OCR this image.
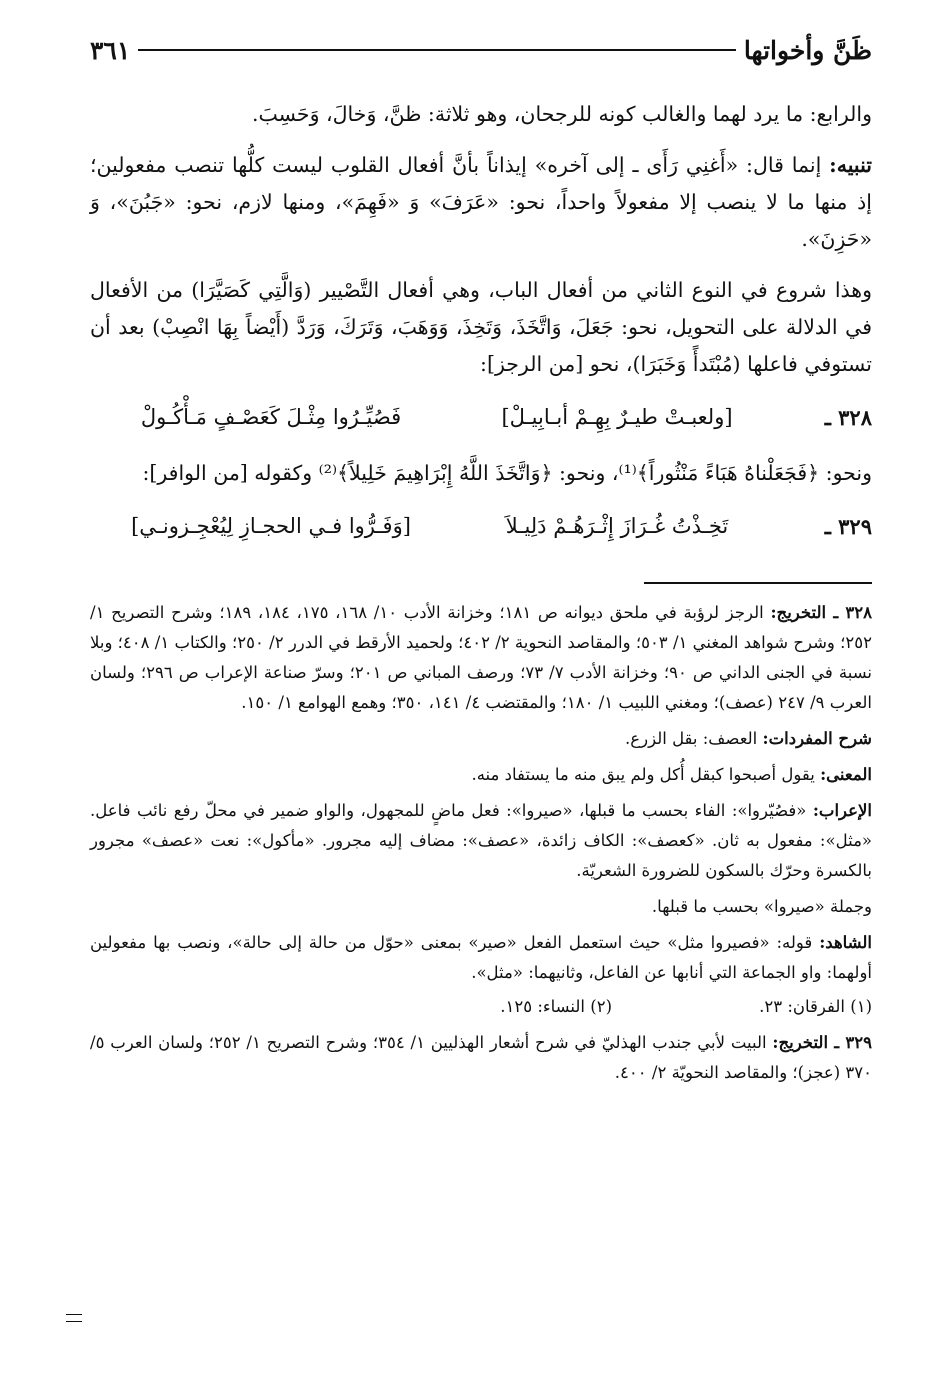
ظَنَّ وأخواتها
٣٦١

والرابع: ما يرد لهما والغالب كونه للرجحان، وهو ثلاثة: ظنَّ، وَخالَ، وَحَسِبَ.

تنبيه: إنما قال: «أَغنِي رَأَى ـ إلى آخره» إيذاناً بأنَّ أفعال القلوب ليست كلُّها تنصب مفعولين؛ إذ منها ما لا ينصب إلا مفعولاً واحداً، نحو: «عَرَفَ» وَ «فَهِمَ»، ومنها لازم، نحو: «جَبُنَ»، وَ «حَزِنَ».

وهذا شروع في النوع الثاني من أفعال الباب، وهي أفعال التَّصْيير (وَالَّتِي كَصَيَّرَا) من الأفعال في الدلالة على التحويل، نحو: جَعَلَ، وَاتَّخَذَ، وَتَخِذَ، وَوَهَبَ، وَتَرَكَ، وَرَدَّ (أَيْضاً بِهَا انْصِبْ) بعد أن تستوفي فاعلها (مُبْتَدأً وَخَبَرَا)، نحو [من الرجز]:

٣٢٨ ـ
[ولعبـتْ طيـرٌ بِهِـمْ أبـابِيـلْ]
فَصُيِّـرُوا مِثْـلَ كَعَصْـفٍ مَـأْكُـولْ

ونحو: ﴿فَجَعَلْناهُ هَبَاءً مَنْثُوراً﴾⁽¹⁾، ونحو: ﴿وَاتَّخَذَ اللَّهُ إِبْرَاهِيمَ خَلِيلاً﴾⁽²⁾ وكقوله [من الوافر]:

٣٢٩ ـ
تَخِـذْتُ غُـرَازَ إِثْـرَهُـمْ دَلِيـلاَ
[وَفَـرُّوا فـي الحجـازِ لِيُعْجِـزونـي]

٣٢٨ ـ التخريج: الرجز لرؤبة في ملحق ديوانه ص ١٨١؛ وخزانة الأدب ١٠/ ١٦٨، ١٧٥، ١٨٤، ١٨٩؛ وشرح التصريح ١/ ٢٥٢؛ وشرح شواهد المغني ١/ ٥٠٣؛ والمقاصد النحوية ٢/ ٤٠٢؛ ولحميد الأرقط في الدرر ٢/ ٢٥٠؛ والكتاب ١/ ٤٠٨؛ وبلا نسبة في الجنى الداني ص ٩٠؛ وخزانة الأدب ٧/ ٧٣؛ ورصف المباني ص ٢٠١؛ وسرّ صناعة الإعراب ص ٢٩٦؛ ولسان العرب ٩/ ٢٤٧ (عصف)؛ ومغني اللبيب ١/ ١٨٠؛ والمقتضب ٤/ ١٤١، ٣٥٠؛ وهمع الهوامع ١/ ١٥٠.

شرح المفردات: العصف: بقل الزرع.

المعنى: يقول أصبحوا كبقل أُكل ولم يبق منه ما يستفاد منه.

الإعراب: «فصُيّروا»: الفاء بحسب ما قبلها، «صيروا»: فعل ماضٍ للمجهول، والواو ضمير في محلّ رفع نائب فاعل. «مثل»: مفعول به ثان. «كعصف»: الكاف زائدة، «عصف»: مضاف إليه مجرور. «مأكول»: نعت «عصف» مجرور بالكسرة وحرّك بالسكون للضرورة الشعريّة.

وجملة «صيروا» بحسب ما قبلها.

الشاهد: قوله: «فصيروا مثل» حيث استعمل الفعل «صير» بمعنى «حوّل من حالة إلى حالة»، ونصب بها مفعولين أولهما: واو الجماعة التي أنابها عن الفاعل، وثانيهما: «مثل».

(١) الفرقان: ٢٣.
(٢) النساء: ١٢٥.

٣٢٩ ـ التخريج: البيت لأبي جندب الهذليّ في شرح أشعار الهذليين ١/ ٣٥٤؛ وشرح التصريح ١/ ٢٥٢؛ ولسان العرب ٥/ ٣٧٠ (عجز)؛ والمقاصد النحويّة ٢/ ٤٠٠.
